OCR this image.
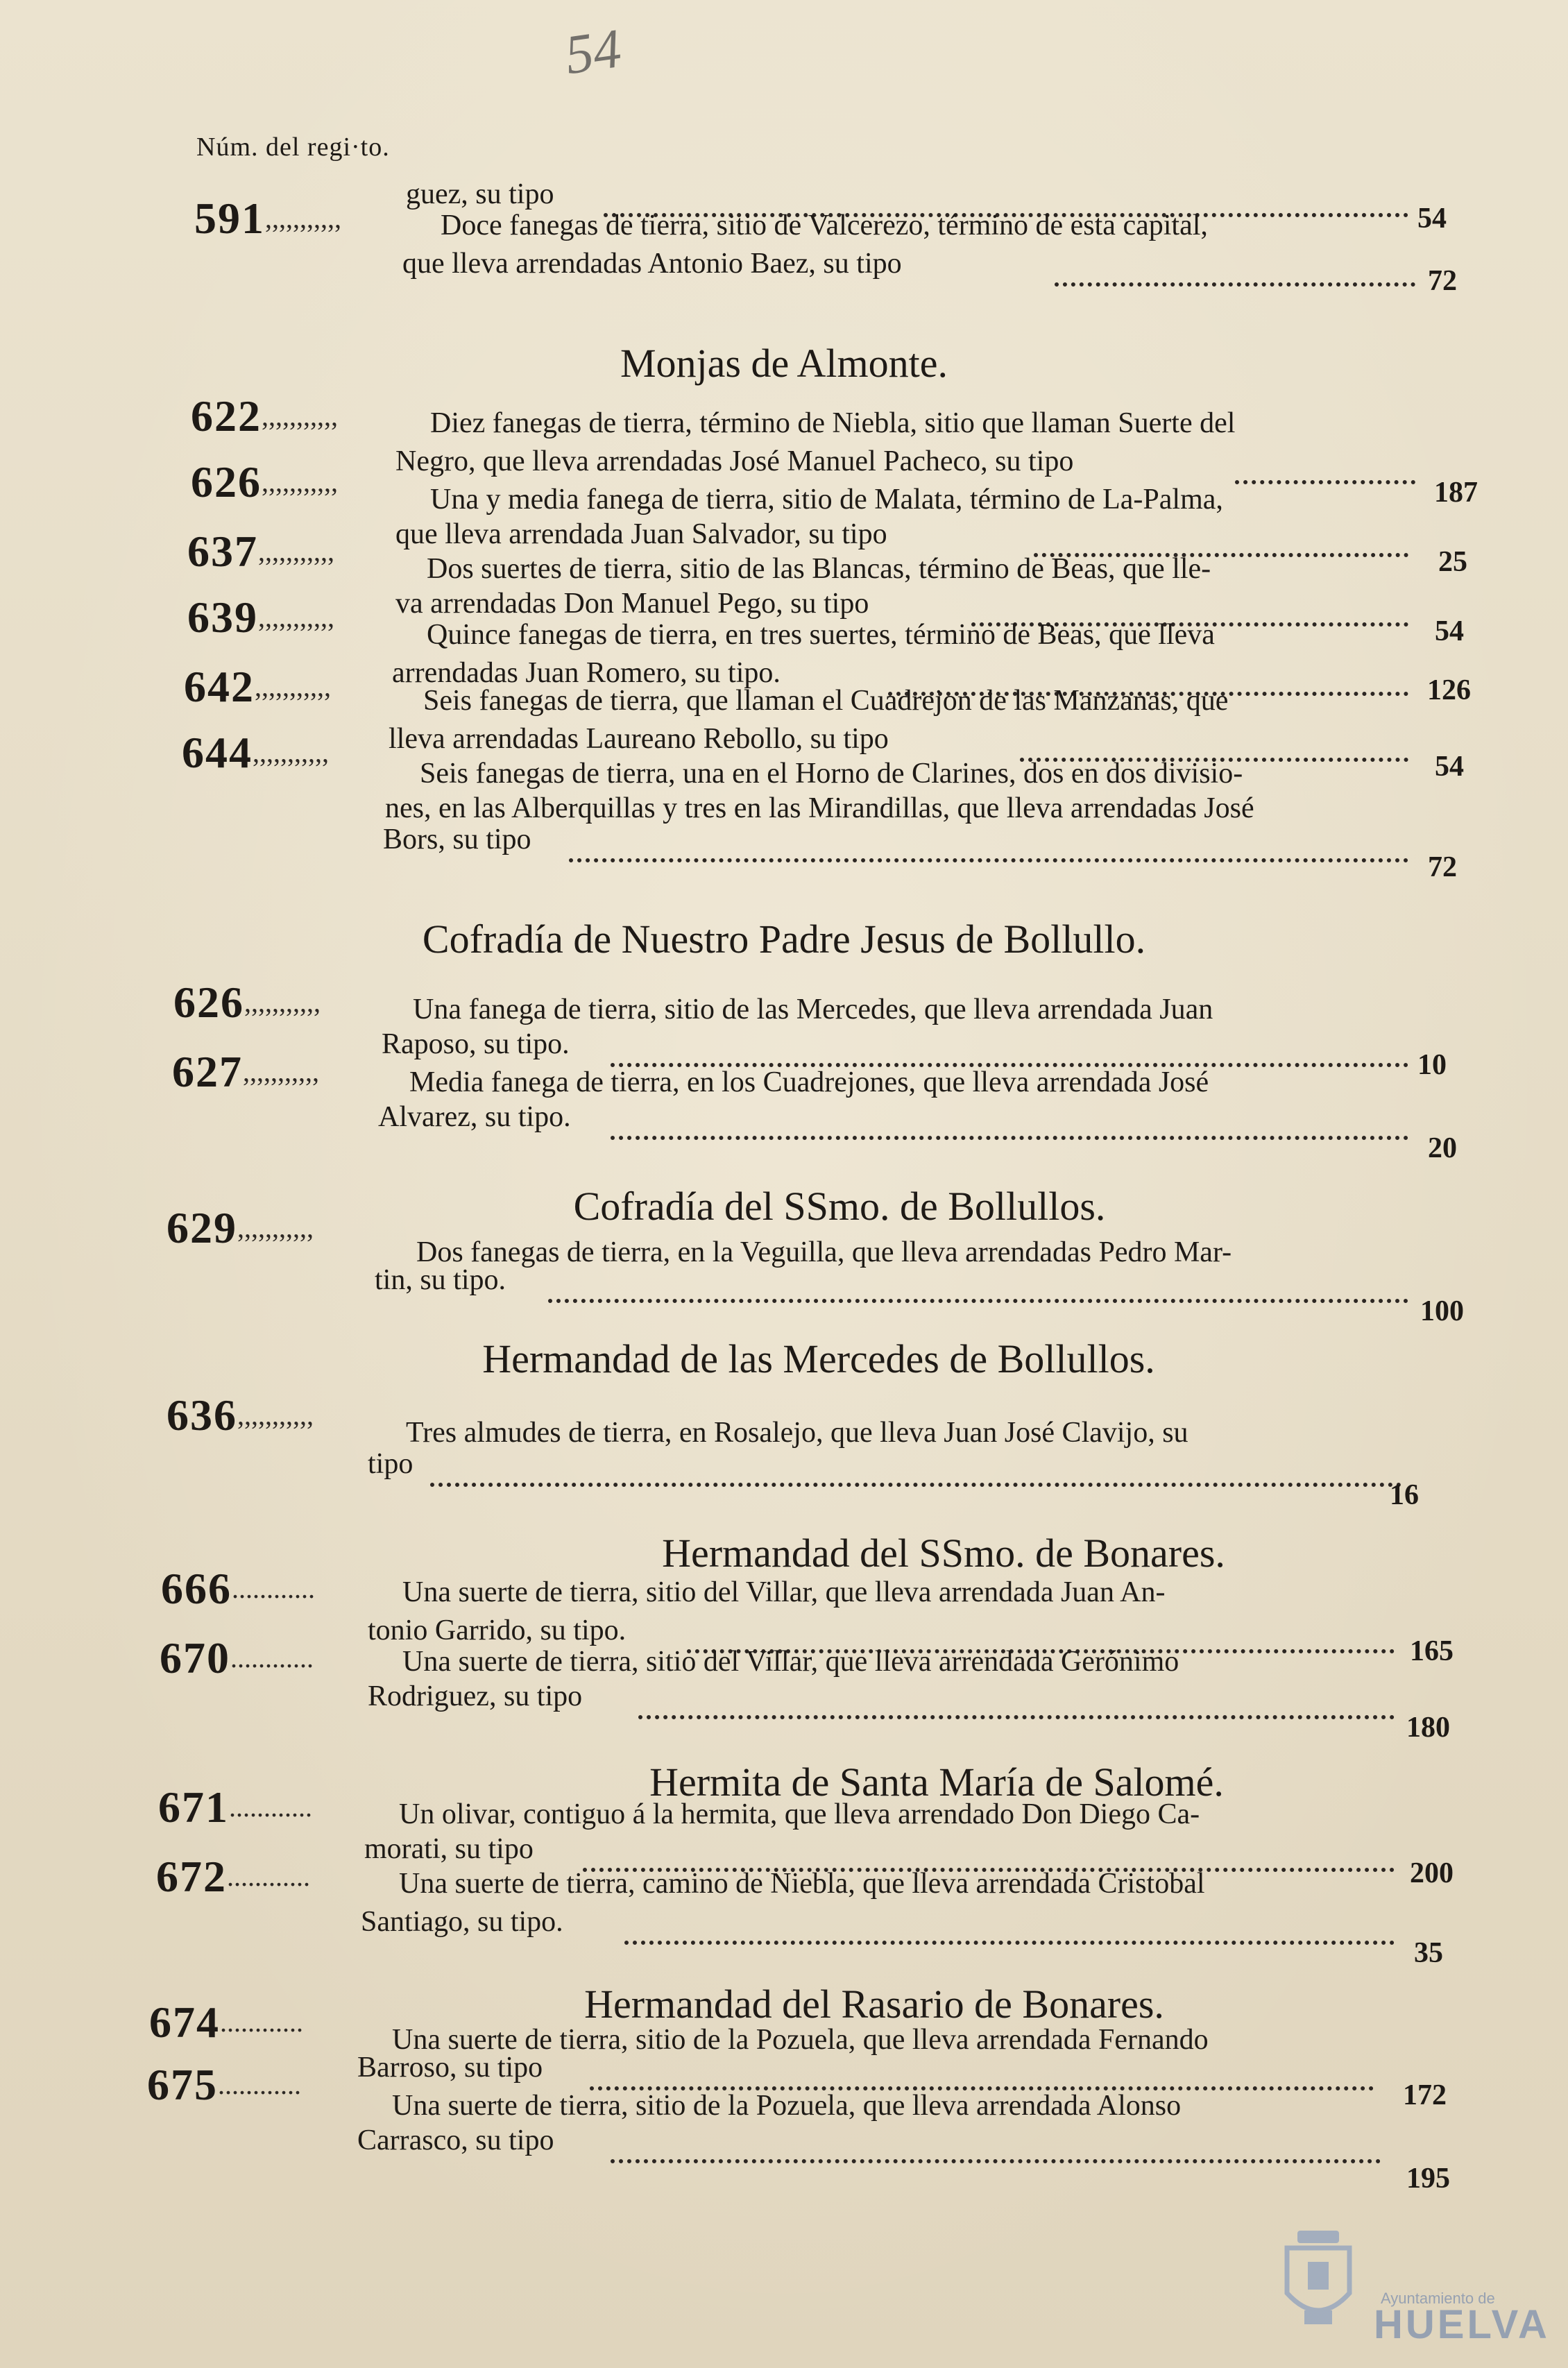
54
Núm. del regi·to.
guez, su tipo
54
591 ,,,,,,,,,,,	Doce fanegas de tierra, sitio de Valcerezo, término de esta capital,
que lleva arrendadas Antonio Baez, su tipo
72
Monjas de Almonte.
622 ,,,,,,,,,,,	Diez fanegas de tierra, término de Niebla, sitio que llaman Suerte del
Negro, que lleva arrendadas José Manuel Pacheco, su tipo
187
626 ,,,,,,,,,,,
Una y media fanega de tierra, sitio de Malata, término de La-Palma,
que lleva arrendada Juan Salvador, su tipo
25
637 ,,,,,,,,,,,
Dos suertes de tierra, sitio de las Blancas, término de Beas, que lle-
va arrendadas Don Manuel Pego, su tipo
54
639 ,,,,,,,,,,,
Quince fanegas de tierra, en tres suertes, término de Beas, que lleva
arrendadas Juan Romero, su tipo.
126
642 ,,,,,,,,,,,	Seis fanegas de tierra, que llaman el Cuadrejon de las Manzanas, que
lleva arrendadas Laureano Rebollo, su tipo
54
644 ,,,,,,,,,,,
Seis fanegas de tierra, una en el Horno de Clarines, dos en dos divisio-
nes, en las Alberquillas y tres en las Mirandillas, que lleva arrendadas José
Bors, su tipo
72
Cofradía de Nuestro Padre Jesus de Bollullo.
626 ,,,,,,,,,,,	Una fanega de tierra, sitio de las Mercedes, que lleva arrendada Juan
Raposo, su tipo.
10
627 ,,,,,,,,,,,	Media fanega de tierra, en los Cuadrejones, que lleva arrendada José
Alvarez, su tipo.
20
Cofradía del SSmo. de Bollullos.
629 ,,,,,,,,,,,
Dos fanegas de tierra, en la Veguilla, que lleva arrendadas Pedro Mar-
tin, su tipo.
100
Hermandad de las Mercedes de Bollullos.
636 ,,,,,,,,,,,
Tres almudes de tierra, en Rosalejo, que lleva Juan José Clavijo, su
tipo
16
Hermandad del SSmo. de Bonares.
666 ............	Una suerte de tierra, sitio del Villar, que lleva arrendada Juan An-
tonio Garrido, su tipo.
165
670 ............	Una suerte de tierra, sitio del Villar, que lleva arrendada Gerónimo
Rodriguez, su tipo
180
Hermita de Santa María de Salomé.
671 ............	Un olivar, contiguo á la hermita, que lleva arrendado Don Diego Ca-
morati, su tipo
200
672 ............	Una suerte de tierra, camino de Niebla, que lleva arrendada Cristobal
Santiago, su tipo.
35
Hermandad del Rasario de Bonares.
674 ............
Una suerte de tierra, sitio de la Pozuela, que lleva arrendada Fernando
Barroso, su tipo
172
675 ............
Una suerte de tierra, sitio de la Pozuela, que lleva arrendada Alonso
Carrasco, su tipo
195
Ayuntamiento de
HUELVA
